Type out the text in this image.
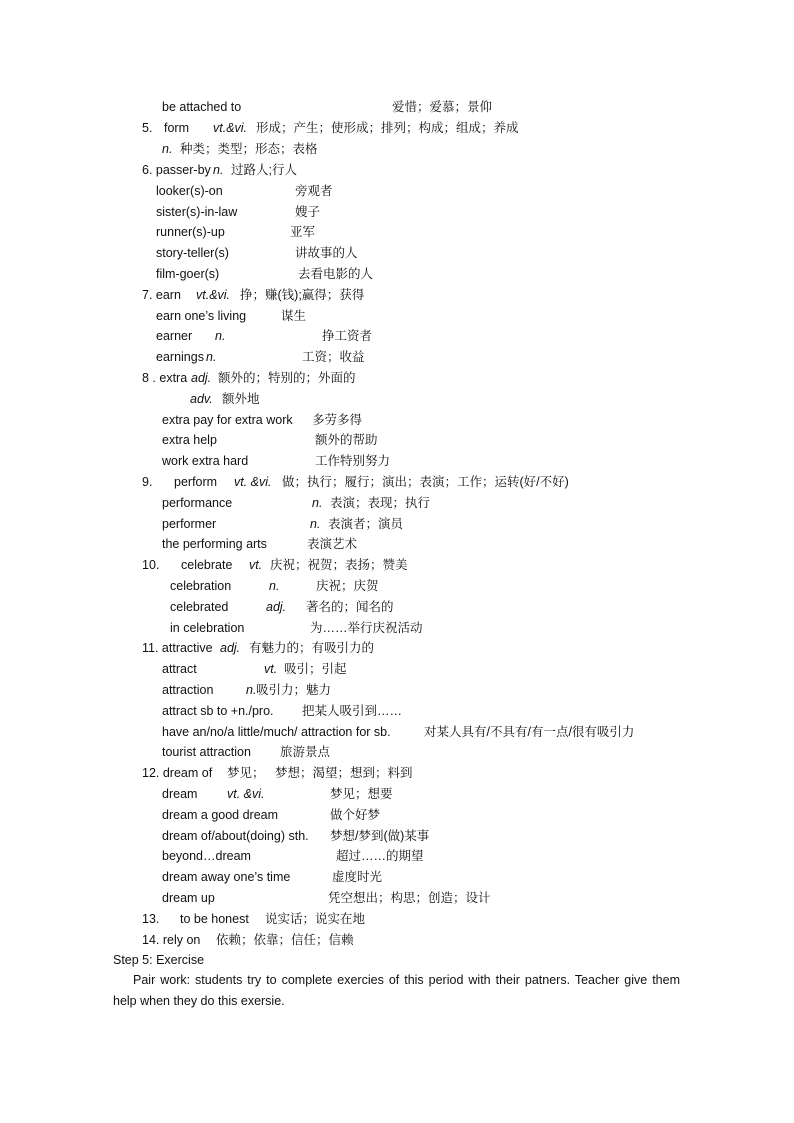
be attached to	爱惜；爱慕；景仰
5. form vt.&vi. 形成；产生；使形成；排列；构成；组成；养成
n. 种类；类型；形态；表格
6. passer-by n. 过路人;行人
looker(s)-on	旁观者
sister(s)-in-law	嫂子
runner(s)-up	亚军
story-teller(s)	讲故事的人
film-goer(s)	去看电影的人
7. earn vt.&vi. 挣；赚(钱);赢得；获得
earn one’s living	谋生
earner n.	挣工资者
earnings n.	工资；收益
8 . extra adj. 额外的；特别的；外面的
adv. 额外地
extra pay for extra work 多劳多得
extra help	额外的帮助
work extra hard	工作特别努力
9. perform vt. &vi. 做；执行；履行；演出；表演；工作；运转(好/不好)
performance	n. 表演；表现；执行
performer	n. 表演者；演员
the performing arts	表演艺术
10. celebrate vt. 庆祝；祝贺；表扬；赞美
celebration	n.	庆祝；庆贺
celebrated	adj. 著名的；闻名的
in celebration	为……举行庆祝活动
11. attractive adj. 有魅力的；有吸引力的
attract	vt. 吸引；引起
attraction	n. 吸引力；魅力
attract sb to +n./pro. 把某人吸引到……
have an/no/a little/much/ attraction for sb.	对某人具有/不具有/有一点/很有吸引力
tourist attraction 旅游景点
12. dream of 梦见； 梦想；渴望；想到；料到
dream vt. &vi.	梦见；想要
dream a good dream	做个好梦
dream of/about(doing) sth. 梦想/梦到(做)某事
beyond…dream	超过……的期望
dream away one’s time	虚度时光
dream up	凭空想出；构思；创造；设计
13. to be honest 说实话；说实在地
14. rely on 依赖；依靠；信任；信赖
Step 5: Exercise
Pair work: students try to complete exercies of this period with their patners. Teacher give them help when they do this exersie.
